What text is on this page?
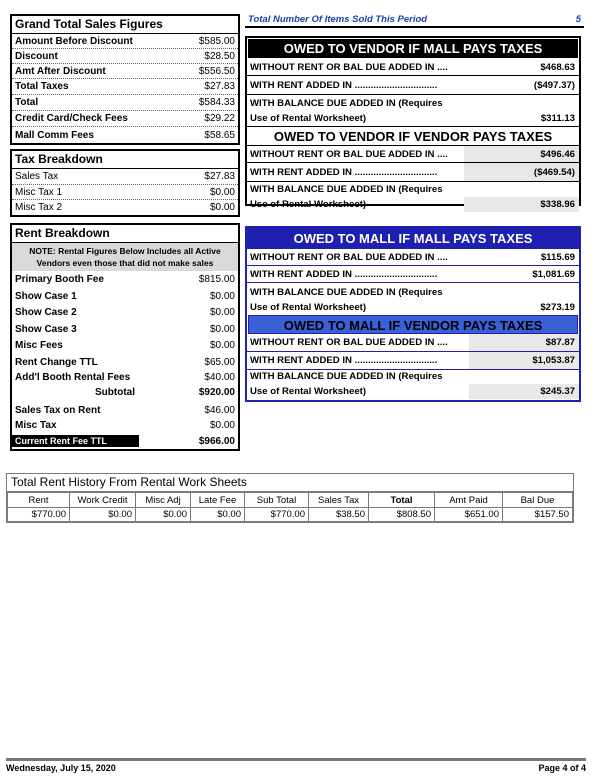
Total Number Of Items Sold This Period	5
Grand Total Sales Figures
Amount Before Discount	$585.00
Discount	$28.50
Amt After Discount	$556.50
Total Taxes	$27.83
Total	$584.33
Credit Card/Check Fees	$29.22
Mall Comm Fees	$58.65
Tax Breakdown
Sales Tax	$27.83
Misc Tax 1	$0.00
Misc Tax 2	$0.00
Rent Breakdown
NOTE: Rental Figures Below Includes all Active Vendors even those that did not make sales
Primary Booth Fee	$815.00
Show Case 1	$0.00
Show Case 2	$0.00
Show Case 3	$0.00
Misc Fees	$0.00
Rent Change TTL	$65.00
Add'l Booth Rental Fees	$40.00
Subtotal	$920.00
Sales Tax on Rent	$46.00
Misc Tax	$0.00
Current Rent Fee TTL	$966.00
OWED TO VENDOR IF MALL PAYS TAXES
WITHOUT RENT OR BAL DUE ADDED IN ....	$468.63
WITH RENT ADDED IN ...............................	($497.37)
WITH BALANCE DUE ADDED IN (Requires
Use of Rental Worksheet)	$311.13
OWED TO VENDOR IF VENDOR PAYS TAXES
WITHOUT RENT OR BAL DUE ADDED IN ....	$496.46
WITH RENT ADDED IN ...............................	($469.54)
WITH BALANCE DUE ADDED IN (Requires
Use of Rental Worksheet)	$338.96
OWED TO MALL IF MALL PAYS TAXES
WITHOUT RENT OR BAL DUE ADDED IN ....	$115.69
WITH RENT ADDED IN ...............................	$1,081.69
WITH BALANCE DUE ADDED IN (Requires
Use of Rental Worksheet)	$273.19
OWED TO MALL IF VENDOR PAYS TAXES
WITHOUT RENT OR BAL DUE ADDED IN ....	$87.87
WITH RENT ADDED IN ...............................	$1,053.87
WITH BALANCE DUE ADDED IN (Requires
Use of Rental Worksheet)	$245.37
Total Rent History From Rental Work Sheets
Rent	Work Credit	Misc Adj	Late Fee	Sub Total	Sales Tax	Total	Amt Paid	Bal Due
$770.00	$0.00	$0.00	$0.00	$770.00	$38.50	$808.50	$651.00	$157.50
Wednesday, July 15, 2020	Page 4 of 4
